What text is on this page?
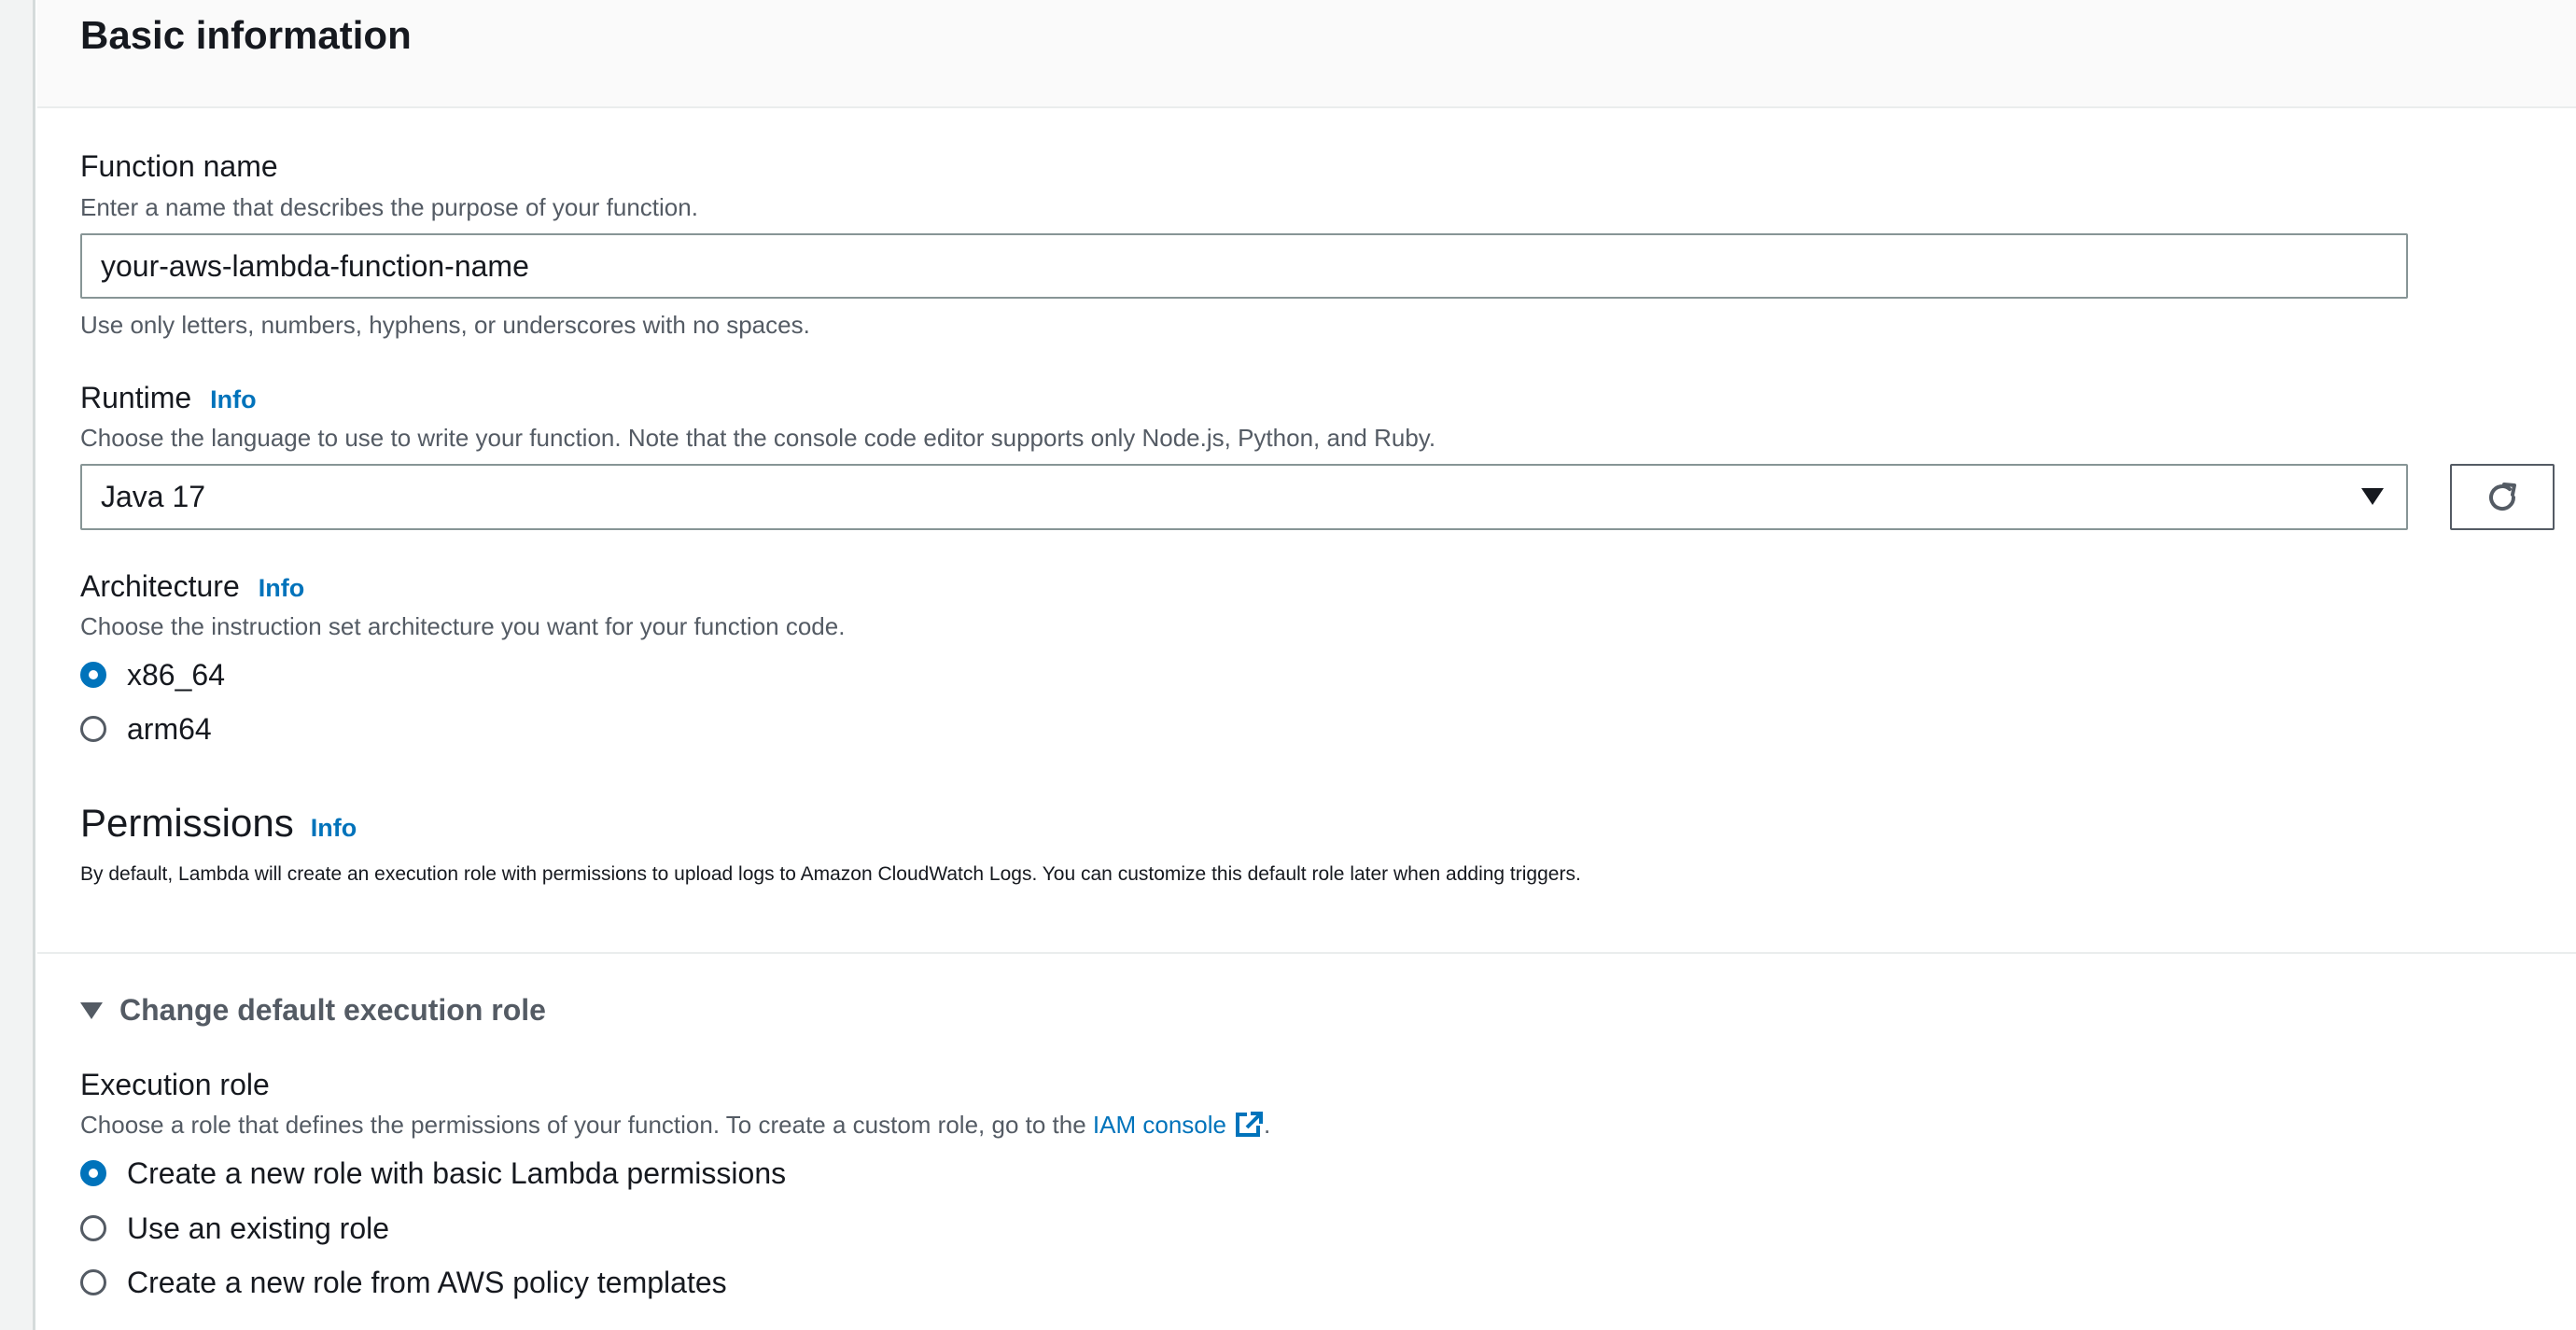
Basic information
Function name
Enter a name that describes the purpose of your function.
your-aws-lambda-function-name
Use only letters, numbers, hyphens, or underscores with no spaces.
Runtime Info
Choose the language to use to write your function. Note that the console code editor supports only Node.js, Python, and Ruby.
Java 17
Architecture Info
Choose the instruction set architecture you want for your function code.
x86_64
arm64
Permissions Info
By default, Lambda will create an execution role with permissions to upload logs to Amazon CloudWatch Logs. You can customize this default role later when adding triggers.
Change default execution role
Execution role
Choose a role that defines the permissions of your function. To create a custom role, go to the IAM console .
Create a new role with basic Lambda permissions
Use an existing role
Create a new role from AWS policy templates
